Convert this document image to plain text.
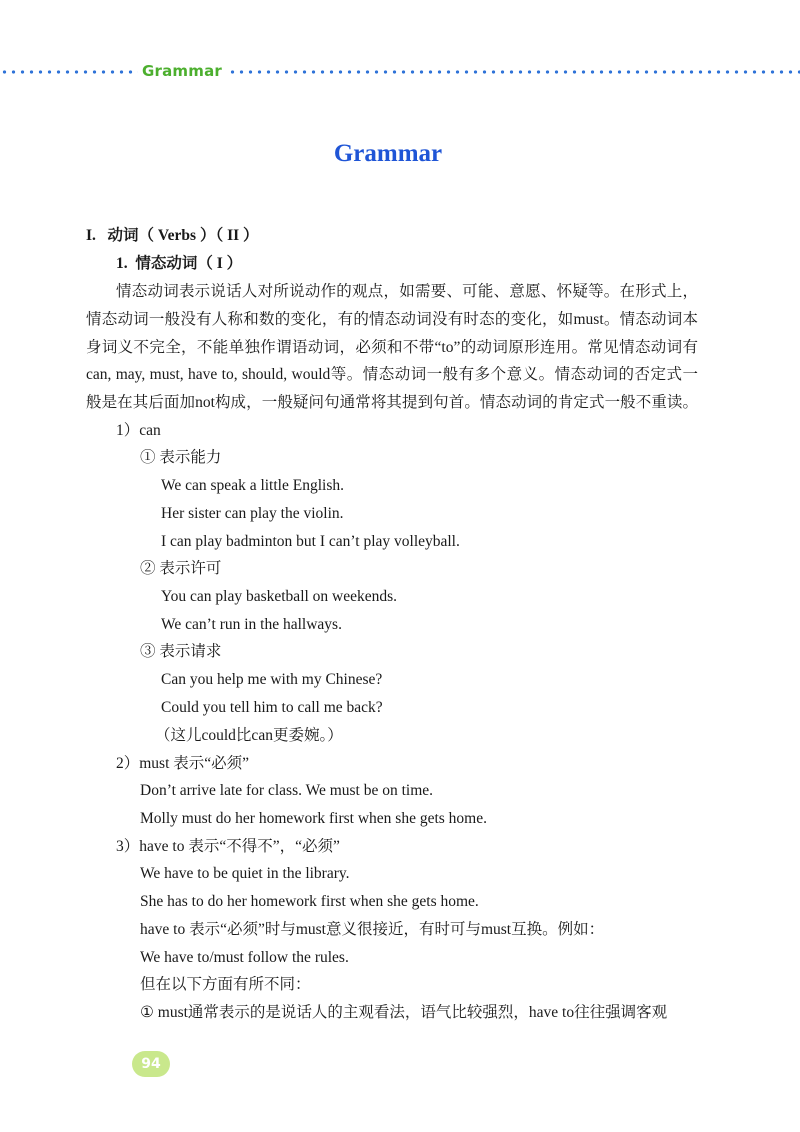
Grammar
Grammar
I.   动词（ Verbs ）（ II ）
1.  情态动词（ I ）
情态动词表示说话人对所说动作的观点，如需要、可能、意愿、怀疑等。在形式上，
情态动词一般没有人称和数的变化，有的情态动词没有时态的变化，如must。情态动词本
身词义不完全，不能单独作谓语动词，必须和不带“to”的动词原形连用。常见情态动词有
can, may, must, have to, should, would等。情态动词一般有多个意义。情态动词的否定式一
般是在其后面加not构成，一般疑问句通常将其提到句首。情态动词的肯定式一般不重读。
1）can
① 表示能力
We can speak a little English.
Her sister can play the violin.
I can play badminton but I can’t play volleyball.
② 表示许可
You can play basketball on weekends.
We can’t run in the hallways.
③ 表示请求
Can you help me with my Chinese?
Could you tell him to call me back?
（这儿could比can更委婉。）
2）must 表示“必须”
Don’t arrive late for class. We must be on time.
Molly must do her homework first when she gets home.
3）have to 表示“不得不”，“必须”
We have to be quiet in the library.
She has to do her homework first when she gets home.
have to 表示“必须”时与must意义很接近，有时可与must互换。例如：
We have to/must follow the rules.
但在以下方面有所不同：
① must通常表示的是说话人的主观看法，语气比较强烈，have to往往强调客观
94
